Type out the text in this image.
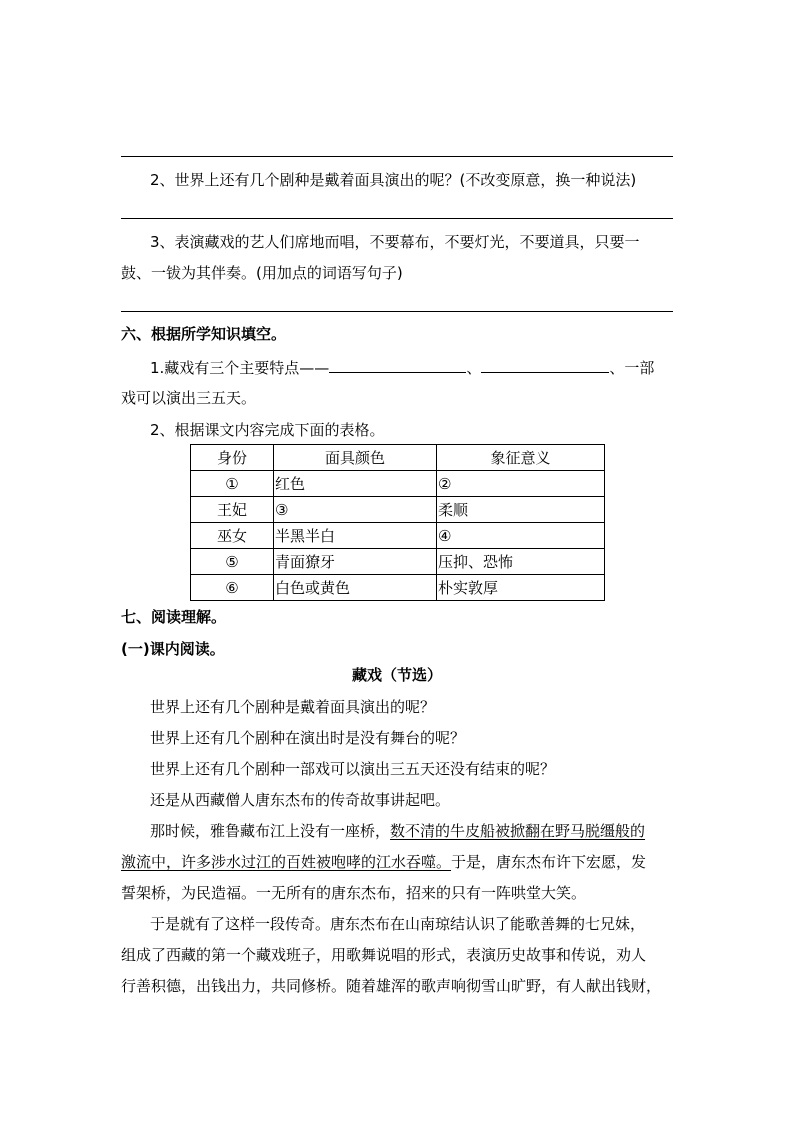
2、世界上还有几个剧种是戴着面具演出的呢？(不改变原意，换一种说法)
3、表演藏戏的艺人们席地而唱，不要幕布，不要灯光，不要道具，只要一
鼓、一钹为其伴奏。(用加点的词语写句子)
六、根据所学知识填空。
1.藏戏有三个主要特点——	、	、一部
戏可以演出三五天。
2、根据课文内容完成下面的表格。
身份	面具颜色	象征意义
①	红色	②
王妃	③	柔顺
巫女	半黑半白	④
⑤	青面獠牙	压抑、恐怖
⑥	白色或黄色	朴实敦厚
七、阅读理解。
(一)课内阅读。
藏戏（节选）
世界上还有几个剧种是戴着面具演出的呢？
世界上还有几个剧种在演出时是没有舞台的呢？
世界上还有几个剧种一部戏可以演出三五天还没有结束的呢？
还是从西藏僧人唐东杰布的传奇故事讲起吧。
那时候，雅鲁藏布江上没有一座桥，数不清的牛皮船被掀翻在野马脱缰般的
激流中，许多涉水过江的百姓被咆哮的江水吞噬。于是，唐东杰布许下宏愿，发
誓架桥，为民造福。一无所有的唐东杰布，招来的只有一阵哄堂大笑。
于是就有了这样一段传奇。唐东杰布在山南琼结认识了能歌善舞的七兄妹，
组成了西藏的第一个藏戏班子，用歌舞说唱的形式，表演历史故事和传说，劝人
行善积德，出钱出力，共同修桥。随着雄浑的歌声响彻雪山旷野，有人献出钱财，
